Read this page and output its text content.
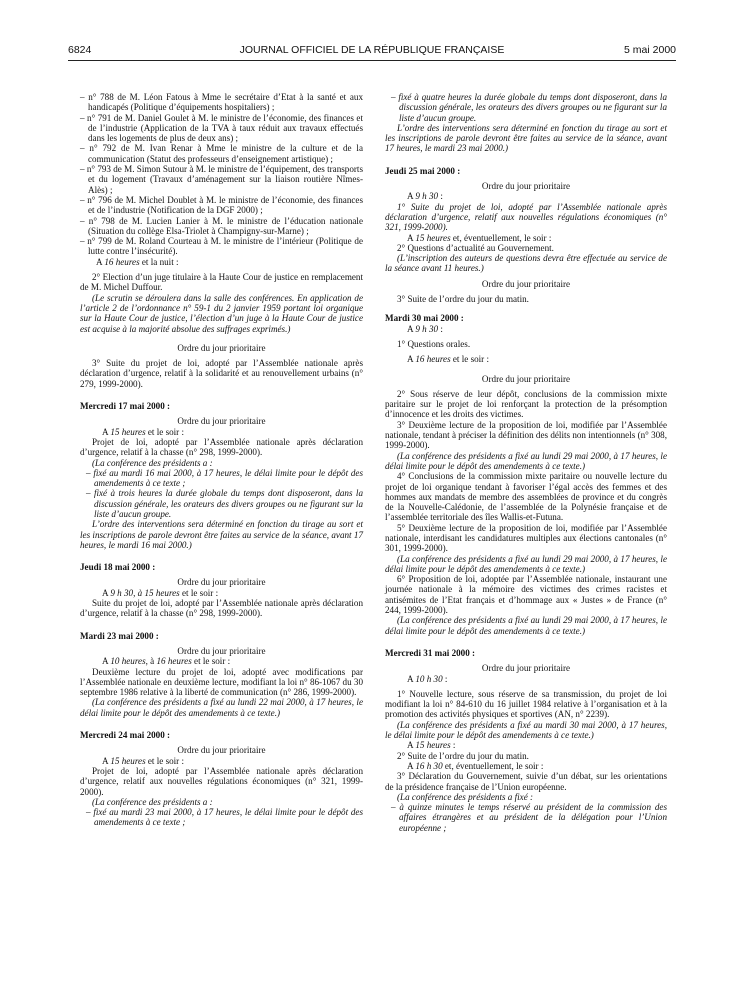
6824	JOURNAL OFFICIEL DE LA RÉPUBLIQUE FRANÇAISE	5 mai 2000

– n° 788 de M. Léon Fatous à Mme le secrétaire d’Etat à la santé et aux handicapés (Politique d’équipements hospitaliers) ;

– n° 791 de M. Daniel Goulet à M. le ministre de l’économie, des finances et de l’industrie (Application de la TVA à taux réduit aux travaux effectués dans les logements de plus de deux ans) ;

– n° 792 de M. Ivan Renar à Mme le ministre de la culture et de la communication (Statut des professeurs d’enseignement artistique) ;

– n° 793 de M. Simon Sutour à M. le ministre de l’équipement, des transports et du logement (Travaux d’aménagement sur la liaison routière Nîmes-Alès) ;

– n° 796 de M. Michel Doublet à M. le ministre de l’économie, des finances et de l’industrie (Notification de la DGF 2000) ;

– n° 798 de M. Lucien Lanier à M. le ministre de l’éducation nationale (Situation du collège Elsa-Triolet à Champigny-sur-Marne) ;

– n° 799 de M. Roland Courteau à M. le ministre de l’intérieur (Politique de lutte contre l’insécurité).

A 16 heures et la nuit :

2° Election d’un juge titulaire à la Haute Cour de justice en remplacement de M. Michel Duffour.

(Le scrutin se déroulera dans la salle des conférences. En application de l’article 2 de l’ordonnance n° 59-1 du 2 janvier 1959 portant loi organique sur la Haute Cour de justice, l’élection d’un juge à la Haute Cour de justice est acquise à la majorité absolue des suffrages exprimés.)

Ordre du jour prioritaire

3° Suite du projet de loi, adopté par l’Assemblée nationale après déclaration d’urgence, relatif à la solidarité et au renouvellement urbains (n° 279, 1999-2000).

Mercredi 17 mai 2000 :

Ordre du jour prioritaire

A 15 heures et le soir :

Projet de loi, adopté par l’Assemblée nationale après déclaration d’urgence, relatif à la chasse (n° 298, 1999-2000).

(La conférence des présidents a :

– fixé au mardi 16 mai 2000, à 17 heures, le délai limite pour le dépôt des amendements à ce texte ;

– fixé à trois heures la durée globale du temps dont disposeront, dans la discussion générale, les orateurs des divers groupes ou ne figurant sur la liste d’aucun groupe.

L’ordre des interventions sera déterminé en fonction du tirage au sort et les inscriptions de parole devront être faites au service de la séance, avant 17 heures, le mardi 16 mai 2000.)

Jeudi 18 mai 2000 :

Ordre du jour prioritaire

A 9 h 30, à 15 heures et le soir :

Suite du projet de loi, adopté par l’Assemblée nationale après déclaration d’urgence, relatif à la chasse (n° 298, 1999-2000).

Mardi 23 mai 2000 :

Ordre du jour prioritaire

A 10 heures, à 16 heures et le soir :

Deuxième lecture du projet de loi, adopté avec modifications par l’Assemblée nationale en deuxième lecture, modifiant la loi n° 86-1067 du 30 septembre 1986 relative à la liberté de communication (n° 286, 1999-2000).

(La conférence des présidents a fixé au lundi 22 mai 2000, à 17 heures, le délai limite pour le dépôt des amendements à ce texte.)

Mercredi 24 mai 2000 :

Ordre du jour prioritaire

A 15 heures et le soir :

Projet de loi, adopté par l’Assemblée nationale après déclaration d’urgence, relatif aux nouvelles régulations économiques (n° 321, 1999-2000).

(La conférence des présidents a :

– fixé au mardi 23 mai 2000, à 17 heures, le délai limite pour le dépôt des amendements à ce texte ;

– fixé à quatre heures la durée globale du temps dont disposeront, dans la discussion générale, les orateurs des divers groupes ou ne figurant sur la liste d’aucun groupe.

L’ordre des interventions sera déterminé en fonction du tirage au sort et les inscriptions de parole devront être faites au service de la séance, avant 17 heures, le mardi 23 mai 2000.)

Jeudi 25 mai 2000 :

Ordre du jour prioritaire

A 9 h 30 :

1° Suite du projet de loi, adopté par l’Assemblée nationale après déclaration d’urgence, relatif aux nouvelles régulations économiques (n° 321, 1999-2000).

A 15 heures et, éventuellement, le soir :

2° Questions d’actualité au Gouvernement.

(L’inscription des auteurs de questions devra être effectuée au service de la séance avant 11 heures.)

Ordre du jour prioritaire

3° Suite de l’ordre du jour du matin.

Mardi 30 mai 2000 :

A 9 h 30 :

1° Questions orales.

A 16 heures et le soir :

Ordre du jour prioritaire

2° Sous réserve de leur dépôt, conclusions de la commission mixte paritaire sur le projet de loi renforçant la protection de la présomption d’innocence et les droits des victimes.

3° Deuxième lecture de la proposition de loi, modifiée par l’Assemblée nationale, tendant à préciser la définition des délits non intentionnels (n° 308, 1999-2000).

(La conférence des présidents a fixé au lundi 29 mai 2000, à 17 heures, le délai limite pour le dépôt des amendements à ce texte.)

4° Conclusions de la commission mixte paritaire ou nouvelle lecture du projet de loi organique tendant à favoriser l’égal accès des femmes et des hommes aux mandats de membre des assemblées de province et du congrès de la Nouvelle-Calédonie, de l’assemblée de la Polynésie française et de l’assemblée territoriale des îles Wallis-et-Futuna.

5° Deuxième lecture de la proposition de loi, modifiée par l’Assemblée nationale, interdisant les candidatures multiples aux élections cantonales (n° 301, 1999-2000).

(La conférence des présidents a fixé au lundi 29 mai 2000, à 17 heures, le délai limite pour le dépôt des amendements à ce texte.)

6° Proposition de loi, adoptée par l’Assemblée nationale, instaurant une journée nationale à la mémoire des victimes des crimes racistes et antisémites de l’Etat français et d’hommage aux « Justes » de France (n° 244, 1999-2000).

(La conférence des présidents a fixé au lundi 29 mai 2000, à 17 heures, le délai limite pour le dépôt des amendements à ce texte.)

Mercredi 31 mai 2000 :

Ordre du jour prioritaire

A 10 h 30 :

1° Nouvelle lecture, sous réserve de sa transmission, du projet de loi modifiant la loi n° 84-610 du 16 juillet 1984 relative à l’organisation et à la promotion des activités physiques et sportives (AN, n° 2239).

(La conférence des présidents a fixé au mardi 30 mai 2000, à 17 heures, le délai limite pour le dépôt des amendements à ce texte.)

A 15 heures :

2° Suite de l’ordre du jour du matin.

A 16 h 30 et, éventuellement, le soir :

3° Déclaration du Gouvernement, suivie d’un débat, sur les orientations de la présidence française de l’Union européenne.

(La conférence des présidents a fixé :

– à quinze minutes le temps réservé au président de la commission des affaires étrangères et au président de la délégation pour l’Union européenne ;
